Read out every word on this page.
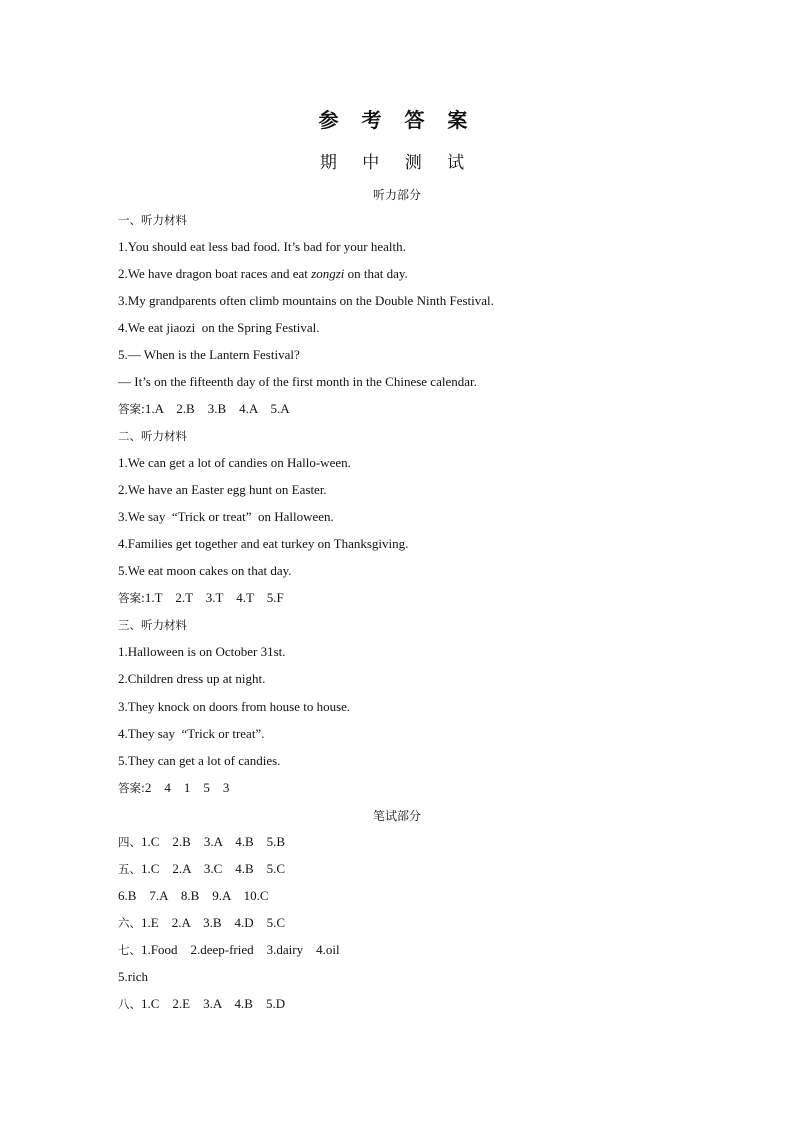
参 考 答 案
期 中 测 试
听力部分
一、听力材料
1.You should eat less bad food. It’s bad for your health.
2.We have dragon boat races and eat zongzi on that day.
3.My grandparents often climb mountains on the Double Ninth Festival.
4.We eat jiaozi  on the Spring Festival.
5.— When is the Lantern Festival?
— It’s on the fifteenth day of the first month in the Chinese calendar.
答案:1.A    2.B    3.B    4.A    5.A
二、听力材料
1.We can get a lot of candies on Hallo-ween.
2.We have an Easter egg hunt on Easter.
3.We say  “Trick or treat”  on Halloween.
4.Families get together and eat turkey on Thanksgiving.
5.We eat moon cakes on that day.
答案:1.T    2.T    3.T    4.T    5.F
三、听力材料
1.Halloween is on October 31st.
2.Children dress up at night.
3.They knock on doors from house to house.
4.They say  “Trick or treat”.
5.They can get a lot of candies.
答案:2    4    1    5    3
笔试部分
四、1.C    2.B    3.A    4.B    5.B
五、1.C    2.A    3.C    4.B    5.C
6.B    7.A    8.B    9.A    10.C
六、1.E    2.A    3.B    4.D    5.C
七、1.Food    2.deep-fried    3.dairy    4.oil
5.rich
八、1.C    2.E    3.A    4.B    5.D
